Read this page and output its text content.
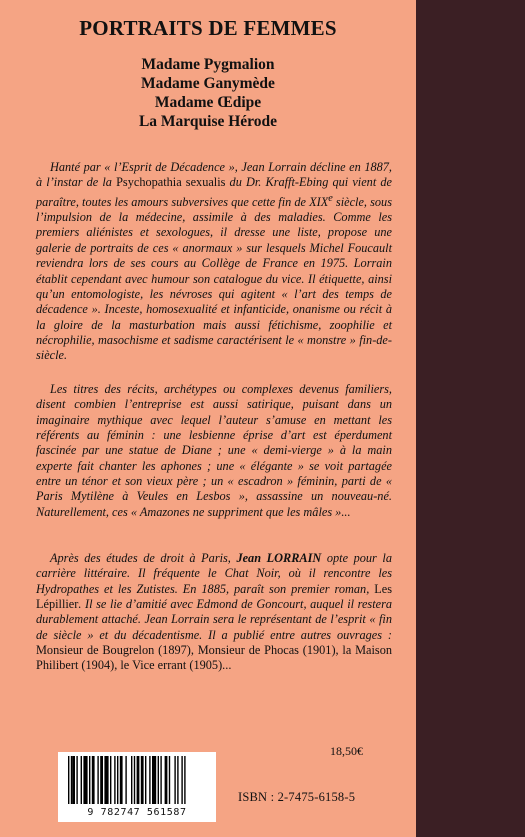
PORTRAITS DE FEMMES
Madame Pygmalion
Madame Ganymède
Madame Œdipe
La Marquise Hérode

Hanté par « l’Esprit de Décadence », Jean Lorrain décline en 1887, à l’instar de la Psychopathia sexualis du Dr. Krafft-Ebing qui vient de paraître, toutes les amours subversives que cette fin de XIXe siècle, sous l’impulsion de la médecine, assimile à des maladies. Comme les premiers aliénistes et sexologues, il dresse une liste, propose une galerie de portraits de ces « anormaux » sur lesquels Michel Foucault reviendra lors de ses cours au Collège de France en 1975. Lorrain établit cependant avec humour son catalogue du vice. Il étiquette, ainsi qu’un entomologiste, les névroses qui agitent « l’art des temps de décadence ». Inceste, homosexualité et infanticide, onanisme ou récit à la gloire de la masturbation mais aussi fétichisme, zoophilie et nécrophilie, masochisme et sadisme caractérisent le « monstre » fin-de-siècle.

Les titres des récits, archétypes ou complexes devenus familiers, disent combien l’entreprise est aussi satirique, puisant dans un imaginaire mythique avec lequel l’auteur s’amuse en mettant les référents au féminin : une lesbienne éprise d’art est éperdument fascinée par une statue de Diane ; une « demi-vierge » à la main experte fait chanter les aphones ; une « élégante » se voit partagée entre un ténor et son vieux père ; un « escadron » féminin, parti de « Paris Mytilène à Veules en Lesbos », assassine un nouveau-né. Naturellement, ces « Amazones ne suppriment que les mâles »...

Après des études de droit à Paris, Jean LORRAIN opte pour la carrière littéraire. Il fréquente le Chat Noir, où il rencontre les Hydropathes et les Zutistes. En 1885, paraît son premier roman, Les Lépillier. Il se lie d’amitié avec Edmond de Goncourt, auquel il restera durablement attaché. Jean Lorrain sera le représentant de l’esprit « fin de siècle » et du décadentisme. Il a publié entre autres ouvrages : Monsieur de Bougrelon (1897), Monsieur de Phocas (1901), la Maison Philibert (1904), le Vice errant (1905)...

9 782747 561587
18,50€
ISBN : 2-7475-6158-5
